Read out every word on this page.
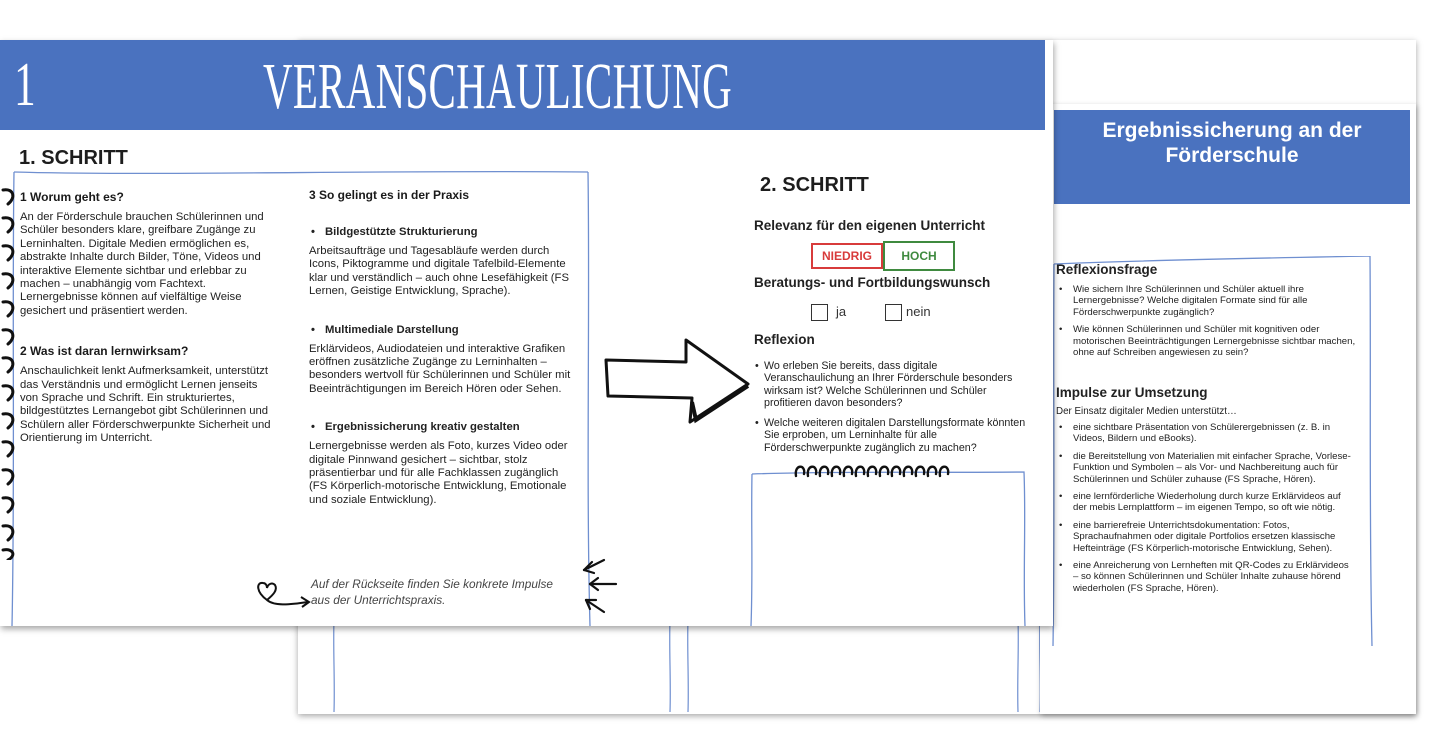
Ergebnissicherung an der
Förderschule
Reflexionsfrage
• Wie sichern Ihre Schülerinnen und Schüler aktuell ihre Lernergebnisse? Welche digitalen Formate sind für alle Förderschwerpunkte zugänglich?
• Wie können Schülerinnen und Schüler mit kognitiven oder motorischen Beeinträchtigungen Lernergebnisse sichtbar machen, ohne auf Schreiben angewiesen zu sein?
Impulse zur Umsetzung
Der Einsatz digitaler Medien unterstützt…
• eine sichtbare Präsentation von Schülerergebnissen (z. B. in Videos, Bildern und eBooks).
• die Bereitstellung von Materialien mit einfacher Sprache, Vorlese-Funktion und Symbolen – als Vor- und Nachbereitung auch für Schülerinnen und Schüler zuhause (FS Sprache, Hören).
• eine lernförderliche Wiederholung durch kurze Erklärvideos auf der mebis Lernplattform – im eigenen Tempo, so oft wie nötig.
• eine barrierefreie Unterrichtsdokumentation: Fotos, Sprachaufnahmen oder digitale Portfolios ersetzen klassische Hefteinträge (FS Körperlich-motorische Entwicklung, Sehen).
• eine Anreicherung von Lernheften mit QR-Codes zu Erklärvideos – so können Schülerinnen und Schüler Inhalte zuhause hörend wiederholen (FS Sprache, Hören).
1	VERANSCHAULICHUNG
1. SCHRITT
1 Worum geht es?

An der Förderschule brauchen Schülerinnen und Schüler besonders klare, greifbare Zugänge zu Lerninhalten. Digitale Medien ermöglichen es, abstrakte Inhalte durch Bilder, Töne, Videos und interaktive Elemente sichtbar und erlebbar zu machen – unabhängig vom Fachtext. Lernergebnisse können auf vielfältige Weise gesichert und präsentiert werden.

2 Was ist daran lernwirksam?

Anschaulichkeit lenkt Aufmerksamkeit, unterstützt das Verständnis und ermöglicht Lernen jenseits von Sprache und Schrift. Ein strukturiertes, bildgestütztes Lernangebot gibt Schülerinnen und Schülern aller Förderschwerpunkte Sicherheit und Orientierung im Unterricht.

3 So gelingt es in der Praxis
• Bildgestützte Strukturierung

Arbeitsaufträge und Tagesabläufe werden durch Icons, Piktogramme und digitale Tafelbild-Elemente klar und verständlich – auch ohne Lesefähigkeit (FS Lernen, Geistige Entwicklung, Sprache).

• Multimediale Darstellung

Erklärvideos, Audiodateien und interaktive Grafiken eröffnen zusätzliche Zugänge zu Lerninhalten – besonders wertvoll für Schülerinnen und Schüler mit Beeinträchtigungen im Bereich Hören oder Sehen.

• Ergebnissicherung kreativ gestalten

Lernergebnisse werden als Foto, kurzes Video oder digitale Pinnwand gesichert – sichtbar, stolz präsentierbar und für alle Fachklassen zugänglich (FS Körperlich-motorische Entwicklung, Emotionale und soziale Entwicklung).

Auf der Rückseite finden Sie konkrete Impulse aus der Unterrichtspraxis.
2. SCHRITT
Relevanz für den eigenen Unterricht
NIEDRIG	HOCH
Beratungs- und Fortbildungswunsch
ja	nein
Reflexion
• Wo erleben Sie bereits, dass digitale Veranschaulichung an Ihrer Förderschule besonders wirksam ist? Welche Schülerinnen und Schüler profitieren davon besonders?
• Welche weiteren digitalen Darstellungsformate könnten Sie erproben, um Lerninhalte für alle Förderschwerpunkte zugänglich zu machen?
